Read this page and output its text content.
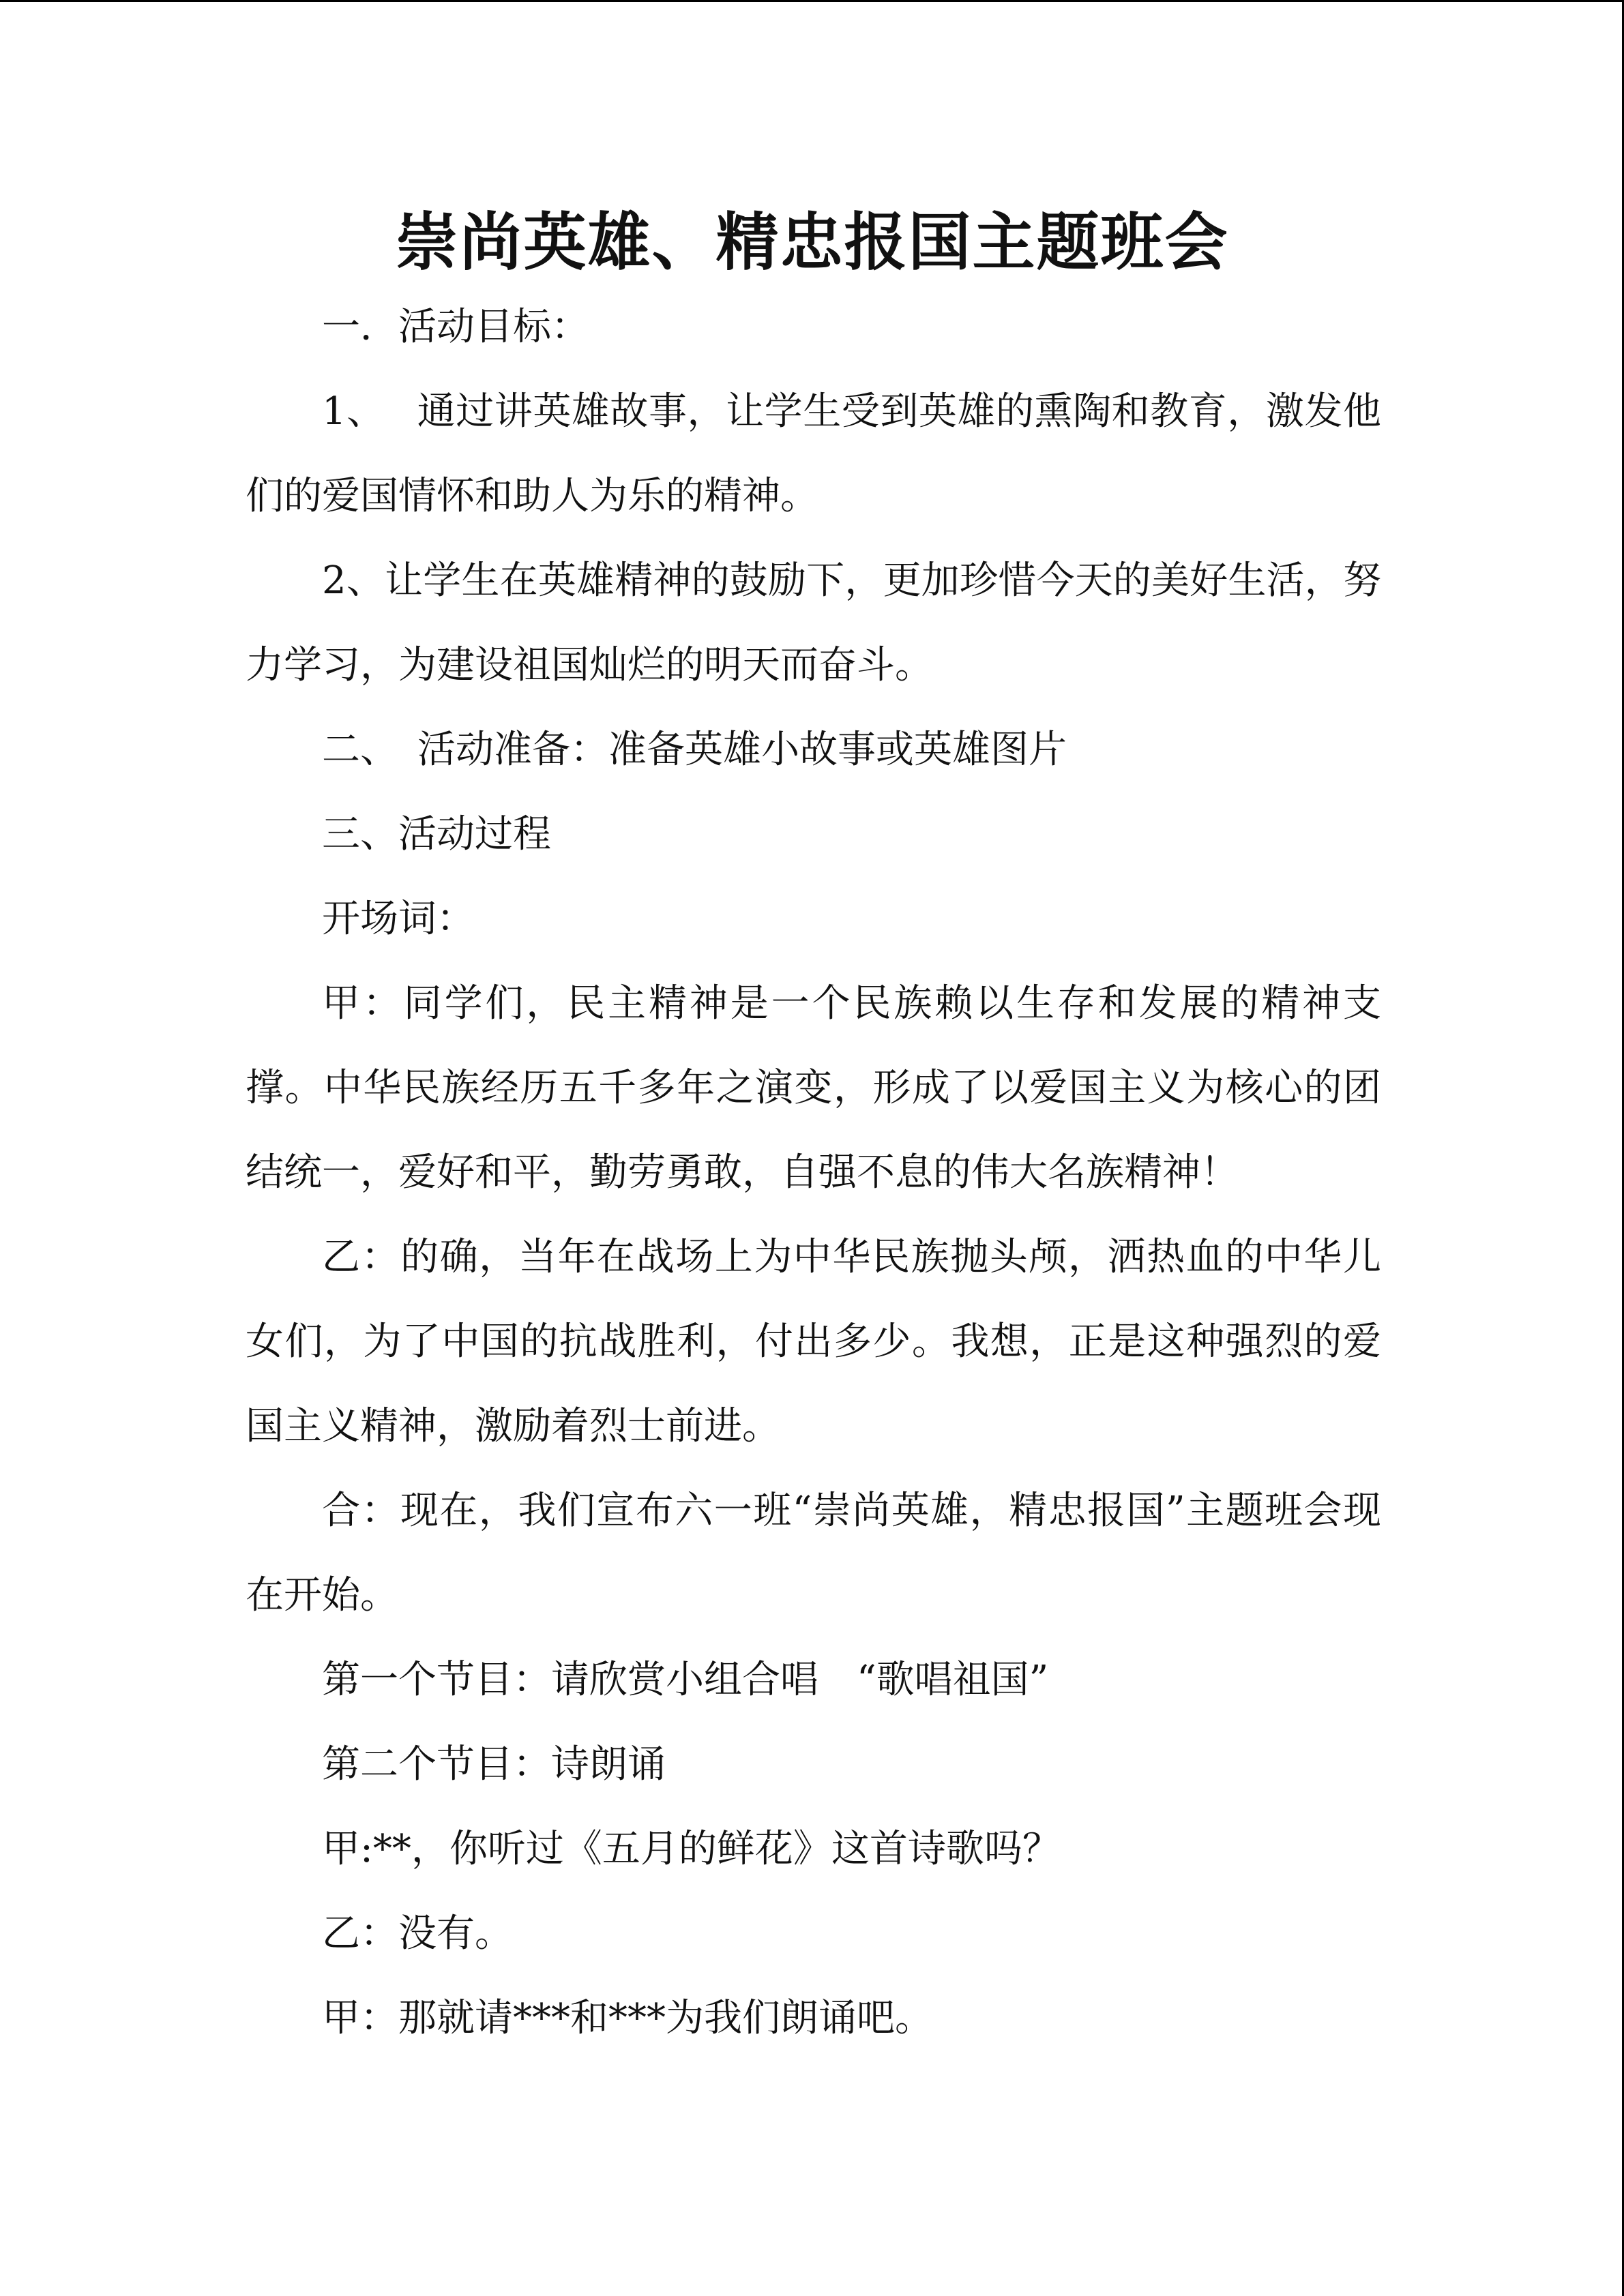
崇尚英雄、精忠报国主题班会
一．活动目标：
1、　 通过讲英雄故事，让学生受到英雄的熏陶和教育，激发他们的爱国情怀和助人为乐的精神。
2、让学生在英雄精神的鼓励下，更加珍惜今天的美好生活，努力学习，为建设祖国灿烂的明天而奋斗。
二、　活动准备：准备英雄小故事或英雄图片
三、活动过程
开场词：
甲：同学们，民主精神是一个民族赖以生存和发展的精神支撑。中华民族经历五千多年之演变，形成了以爱国主义为核心的团结统一，爱好和平，勤劳勇敢，自强不息的伟大名族精神！
乙：的确，当年在战场上为中华民族抛头颅，洒热血的中华儿女们，为了中国的抗战胜利，付出多少。我想，正是这种强烈的爱国主义精神，激励着烈士前进。
合：现在，我们宣布六一班“崇尚英雄，精忠报国”主题班会现在开始。
第一个节目：请欣赏小组合唱　“歌唱祖国”
第二个节目：诗朗诵
甲:**，你听过《五月的鲜花》这首诗歌吗？
乙：没有。
甲：那就请***和***为我们朗诵吧。
